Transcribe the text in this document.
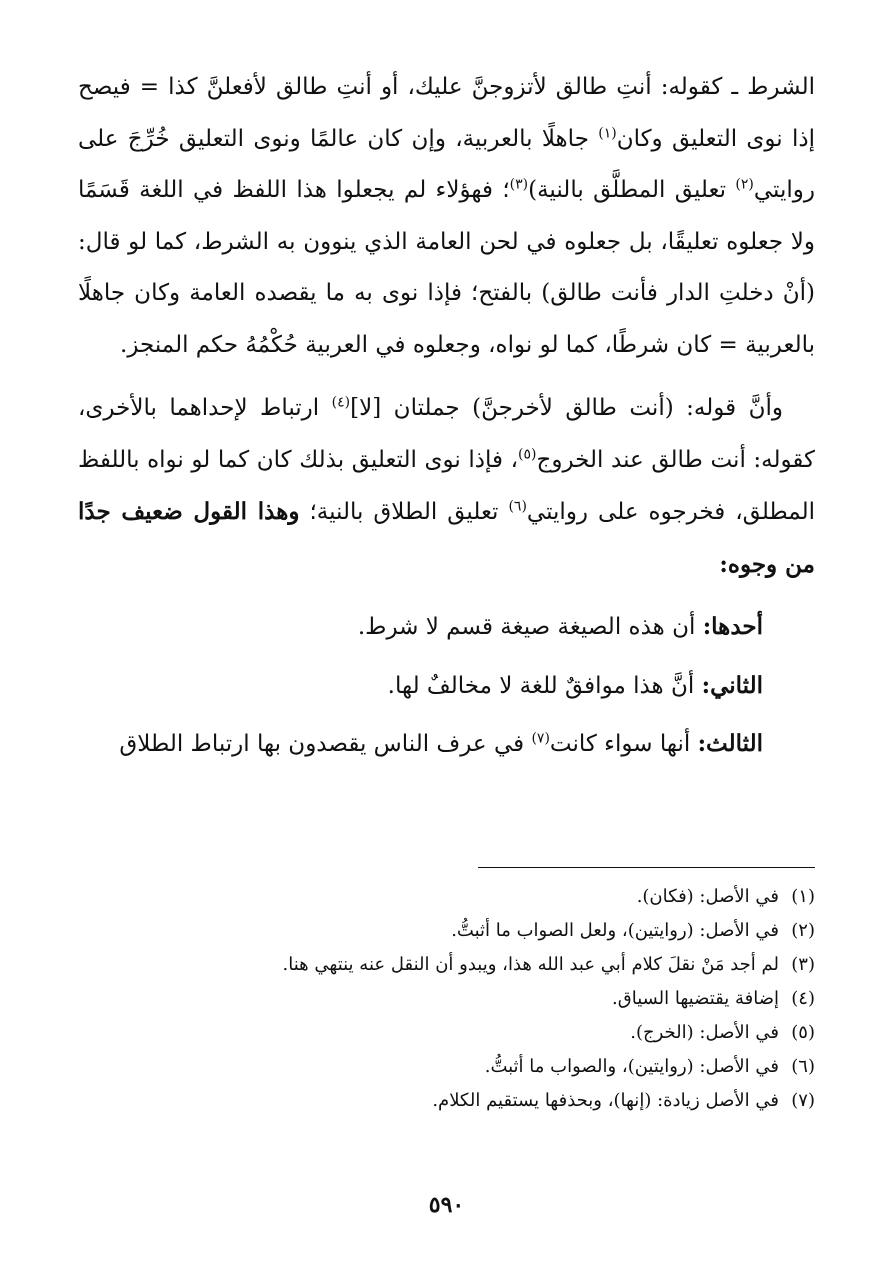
الشرط ـ كقوله: أنتِ طالق لأتزوجنَّ عليك، أو أنتِ طالق لأفعلنَّ كذا = فيصح إذا نوى التعليق وكان$^{(١)}$ جاهلًا بالعربية، وإن كان عالمًا ونوى التعليق خُرِّجَ على روايتي$^{(٢)}$ تعليق المطلَّق بالنية)$^{(٣)}$؛ فهؤلاء لم يجعلوا هذا اللفظ في اللغة قَسَمًا ولا جعلوه تعليقًا، بل جعلوه في لحن العامة الذي ينوون به الشرط، كما لو قال: (أنْ دخلتِ الدار فأنت طالق) بالفتح؛ فإذا نوى به ما يقصده العامة وكان جاهلًا بالعربية = كان شرطًا، كما لو نواه، وجعلوه في العربية حُكْمُهُ حكم المنجز.

وأنَّ قوله: (أنت طالق لأخرجنَّ) جملتان [لا]$^{(٤)}$ ارتباط لإحداهما بالأخرى، كقوله: أنت طالق عند الخروج$^{(٥)}$، فإذا نوى التعليق بذلك كان كما لو نواه باللفظ المطلق، فخرجوه على روايتي$^{(٦)}$ تعليق الطلاق بالنية؛ وهذا القول ضعيف جدًا من وجوه:

أحدها: أن هذه الصيغة صيغة قسم لا شرط.

الثاني: أنَّ هذا موافقٌ للغة لا مخالفٌ لها.

الثالث: أنها سواء كانت$^{(٧)}$ في عرف الناس يقصدون بها ارتباط الطلاق

(١)
في الأصل: (فكان).
(٢)
في الأصل: (روايتين)، ولعل الصواب ما أثبتُّ.
(٣)
لم أجد مَنْ نقلَ كلام أبي عبد الله هذا، ويبدو أن النقل عنه ينتهي هنا.
(٤)
إضافة يقتضيها السياق.
(٥)
في الأصل: (الخرج).
(٦)
في الأصل: (روايتين)، والصواب ما أثبتُّ.
(٧)
في الأصل زيادة: (إنها)، وبحذفها يستقيم الكلام.
٥٩٠
